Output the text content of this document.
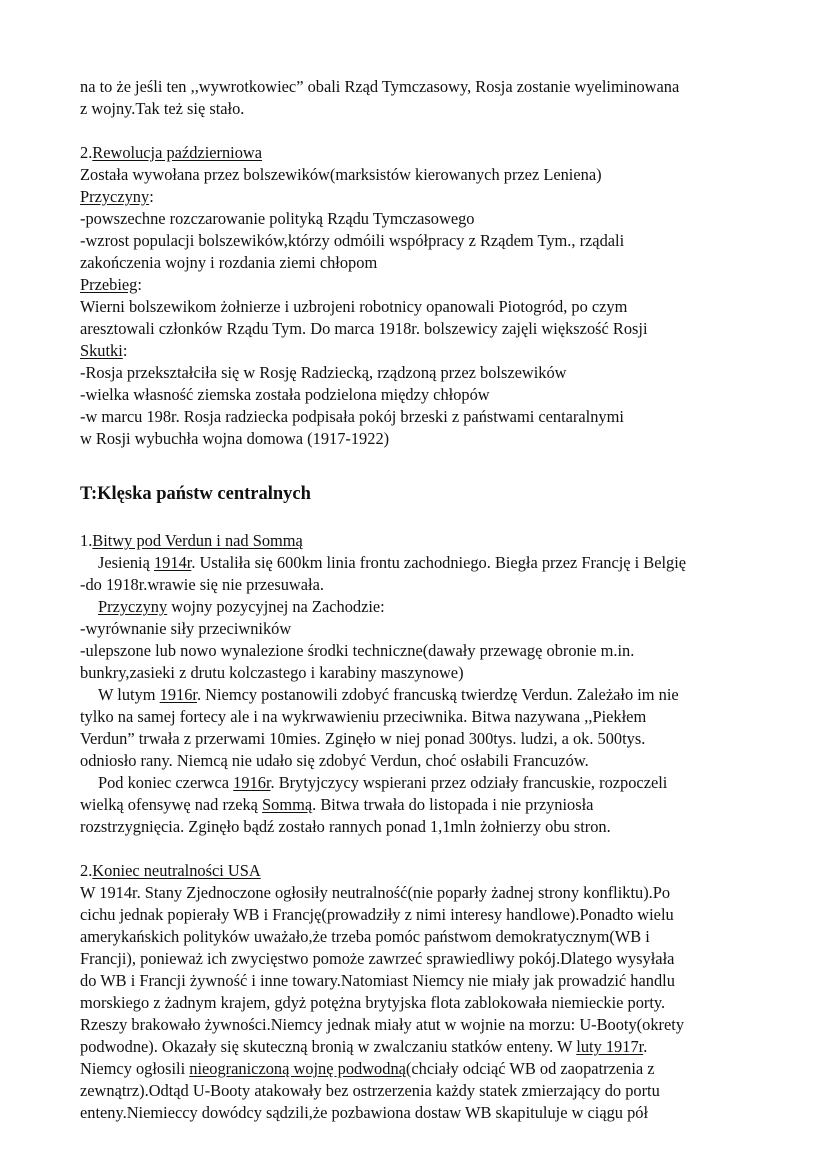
na to że jeśli ten ,,wywrotkowiec” obali Rząd Tymczasowy, Rosja zostanie wyeliminowana

z wojny.Tak też się stało.

2.Rewolucja październiowa

Została wywołana przez bolszewików(marksistów kierowanych przez Leniena)

Przyczyny:

-powszechne rozczarowanie polityką Rządu Tymczasowego

-wzrost populacji bolszewików,którzy odmóili współpracy z Rządem Tym., rządali

zakończenia wojny i rozdania ziemi chłopom

Przebieg:

Wierni bolszewikom żołnierze i uzbrojeni robotnicy opanowali Piotogród, po czym

aresztowali członków Rządu Tym. Do marca 1918r. bolszewicy zajęli większość Rosji

Skutki:

-Rosja przekształciła się w Rosję Radziecką, rządzoną przez bolszewików

-wielka własność ziemska została podzielona między chłopów

-w marcu 198r. Rosja radziecka podpisała pokój brzeski z państwami centaralnymi

w Rosji wybuchła wojna domowa (1917-1922)

T:Klęska państw centralnych

1.Bitwy pod Verdun i nad Sommą

Jesienią 1914r. Ustaliła się 600km linia frontu zachodniego. Biegła przez Francję i Belgię

-do 1918r.wrawie się nie przesuwała.

Przyczyny wojny pozycyjnej na Zachodzie:

-wyrównanie siły przeciwników

-ulepszone lub nowo wynalezione środki techniczne(dawały przewagę obronie m.in.

bunkry,zasieki z drutu kolczastego i karabiny maszynowe)

W lutym 1916r. Niemcy postanowili zdobyć francuską twierdzę Verdun. Zależało im nie

tylko na samej fortecy ale i na wykrwawieniu przeciwnika. Bitwa nazywana ,,Piekłem

Verdun” trwała z przerwami 10mies. Zginęło w niej ponad 300tys. ludzi, a ok. 500tys.

odniosło rany. Niemcą nie udało się zdobyć Verdun, choć osłabili Francuzów.

Pod koniec czerwca 1916r. Brytyjczycy wspierani przez odziały francuskie, rozpoczeli

wielką ofensywę nad rzeką Sommą. Bitwa trwała do listopada i nie przyniosła

rozstrzygnięcia. Zginęło bądź zostało rannych ponad 1,1mln żołnierzy obu stron.

2.Koniec neutralności USA

W 1914r. Stany Zjednoczone ogłosiły neutralność(nie poparły żadnej strony konfliktu).Po

cichu jednak popierały WB i Francję(prowadziły z nimi interesy handlowe).Ponadto wielu

amerykańskich polityków uważało,że trzeba pomóc państwom demokratycznym(WB i

Francji), ponieważ ich zwycięstwo pomoże zawrzeć sprawiedliwy pokój.Dlatego wysyłała

do WB i Francji żywność i inne towary.Natomiast Niemcy nie miały jak prowadzić handlu

morskiego z żadnym krajem, gdyż potężna brytyjska flota zablokowała niemieckie porty.

Rzeszy brakowało żywności.Niemcy jednak miały atut w wojnie na morzu: U-Booty(okrety

podwodne). Okazały się skuteczną bronią w zwalczaniu statków enteny. W luty 1917r.

Niemcy ogłosili nieograniczoną wojnę podwodną(chciały odciąć WB od zaopatrzenia z

zewnątrz).Odtąd U-Booty atakowały bez ostrzerzenia każdy statek zmierzający do portu

enteny.Niemieccy dowódcy sądzili,że pozbawiona dostaw WB skapituluje w ciągu pół
